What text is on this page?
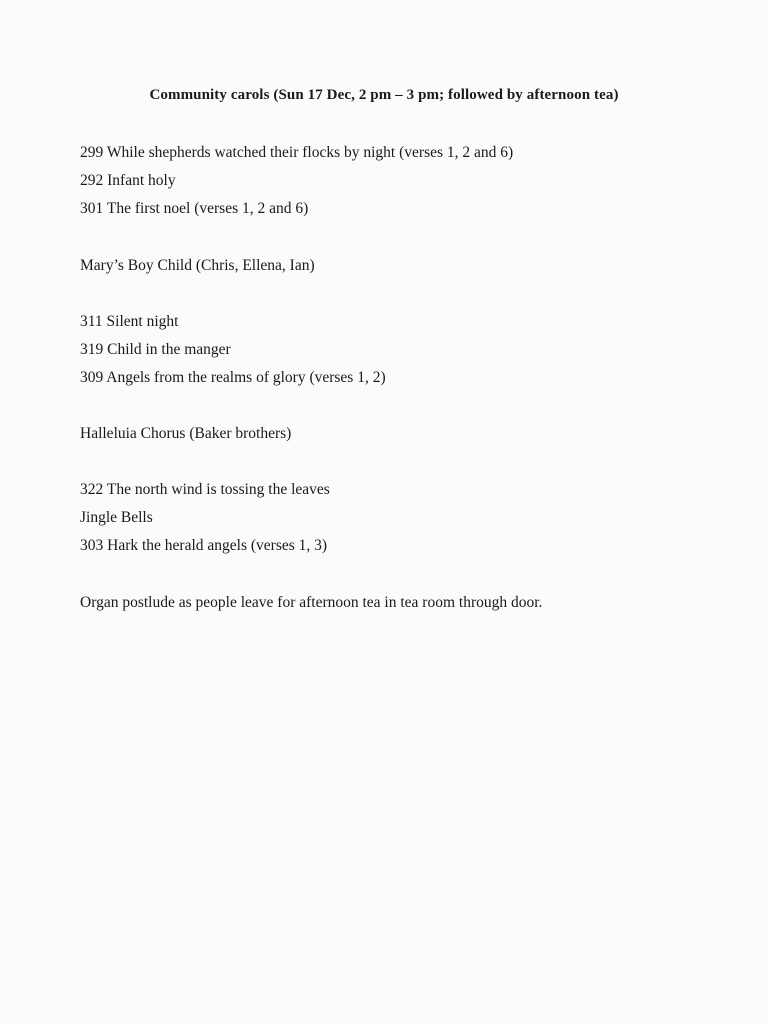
Community carols (Sun 17 Dec, 2 pm – 3 pm; followed by afternoon tea)
299 While shepherds watched their flocks by night (verses 1, 2 and 6)
292 Infant holy
301 The first noel (verses 1, 2 and 6)
Mary’s Boy Child (Chris, Ellena, Ian)
311 Silent night
319 Child in the manger
309 Angels from the realms of glory (verses 1, 2)
Halleluia Chorus (Baker brothers)
322 The north wind is tossing the leaves
Jingle Bells
303 Hark the herald angels (verses 1, 3)
Organ postlude as people leave for afternoon tea in tea room through door.
